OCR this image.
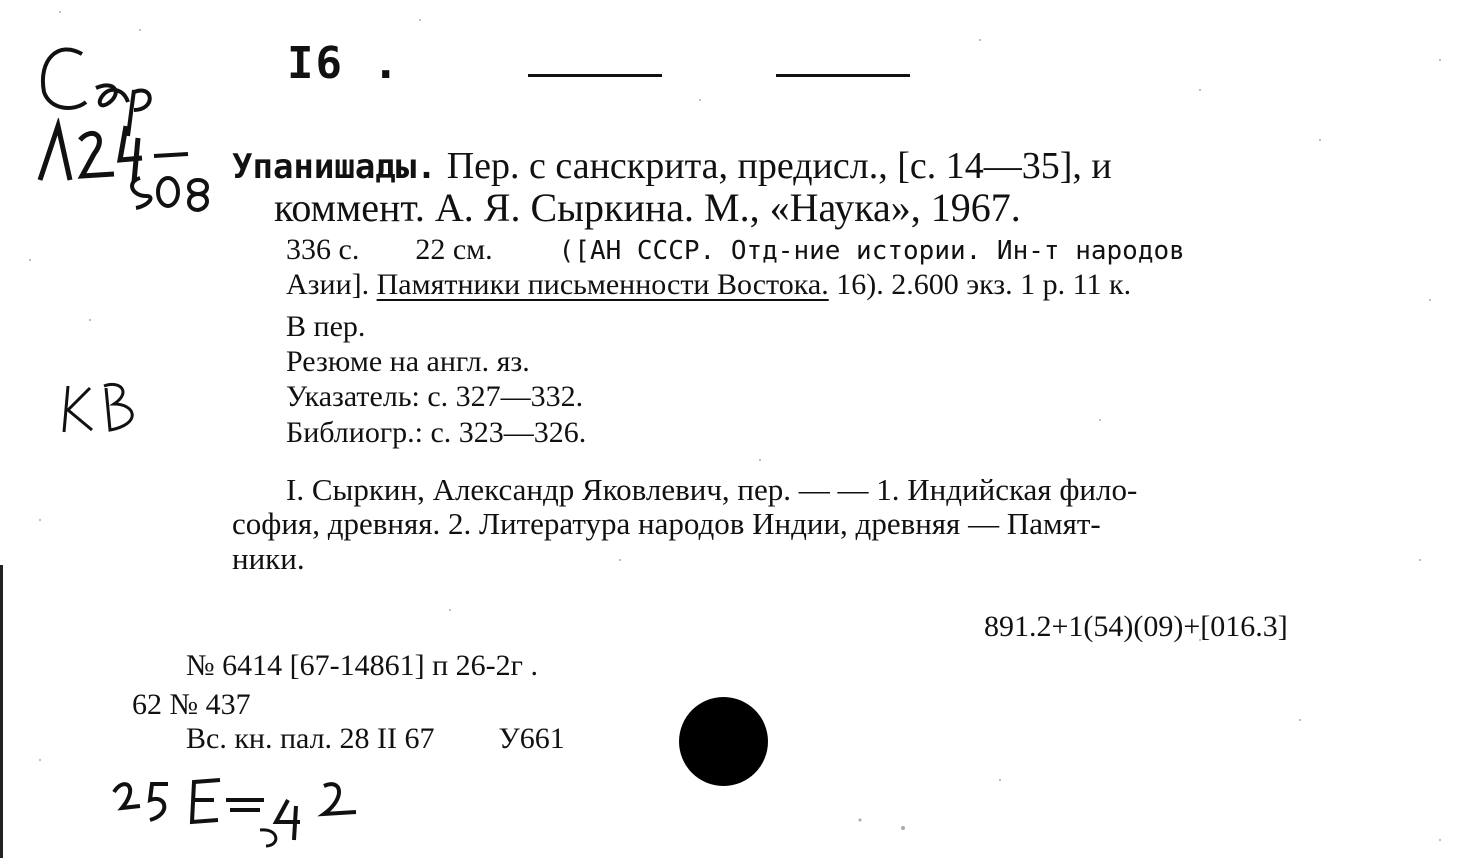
I6 .
Упанишады. Пер. с санскрита, предисл., [с. 14—35], и
коммент. А. Я. Сыркина. М., «Наука», 1967.
336 с. 22 см.	([АН СССР. Отд-ние истории. Ин-т народов
Азии]. Памятники письменности Востока. 16). 2.600 экз. 1 р. 11 к.
В пер.
Резюме на англ. яз.
Указатель: с. 327—332.
Библиогр.: с. 323—326.
I. Сыркин, Александр Яковлевич, пер. — — 1. Индийская фило-
софия, древняя. 2. Литература народов Индии, древняя — Памят-
ники.
891.2+1(54)(09)+[016.3]
№ 6414 [67-14861] п 26-2г .
62 № 437
Вс. кн. пал. 28 II 67 У661
